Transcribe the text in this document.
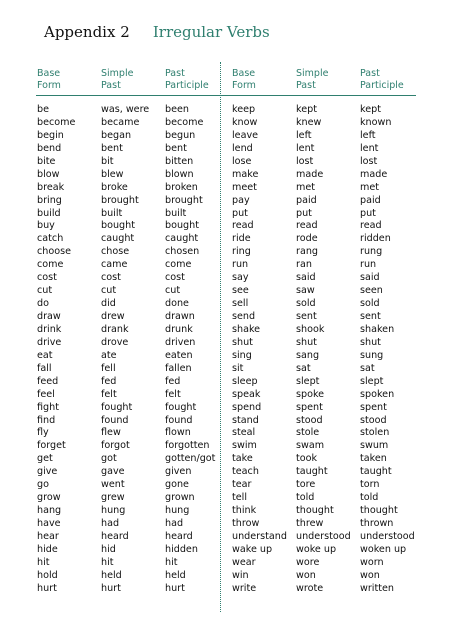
Appendix 2 Irregular Verbs
Base
Form
Simple
Past
Past
Participle
Base
Form
Simple
Past
Past
Participle
be
become
begin
bend
bite
blow
break
bring
build
buy
catch
choose
come
cost
cut
do
draw
drink
drive
eat
fall
feed
feel
fight
find
fly
forget
get
give
go
grow
hang
have
hear
hide
hit
hold
hurt
was, were
became
began
bent
bit
blew
broke
brought
built
bought
caught
chose
came
cost
cut
did
drew
drank
drove
ate
fell
fed
felt
fought
found
flew
forgot
got
gave
went
grew
hung
had
heard
hid
hit
held
hurt
been
become
begun
bent
bitten
blown
broken
brought
built
bought
caught
chosen
come
cost
cut
done
drawn
drunk
driven
eaten
fallen
fed
felt
fought
found
flown
forgotten
gotten/got
given
gone
grown
hung
had
heard
hidden
hit
held
hurt
keep
know
leave
lend
lose
make
meet
pay
put
read
ride
ring
run
say
see
sell
send
shake
shut
sing
sit
sleep
speak
spend
stand
steal
swim
take
teach
tear
tell
think
throw
understand
wake up
wear
win
write
kept
knew
left
lent
lost
made
met
paid
put
read
rode
rang
ran
said
saw
sold
sent
shook
shut
sang
sat
slept
spoke
spent
stood
stole
swam
took
taught
tore
told
thought
threw
understood
woke up
wore
won
wrote
kept
known
left
lent
lost
made
met
paid
put
read
ridden
rung
run
said
seen
sold
sent
shaken
shut
sung
sat
slept
spoken
spent
stood
stolen
swum
taken
taught
torn
told
thought
thrown
understood
woken up
worn
won
written
